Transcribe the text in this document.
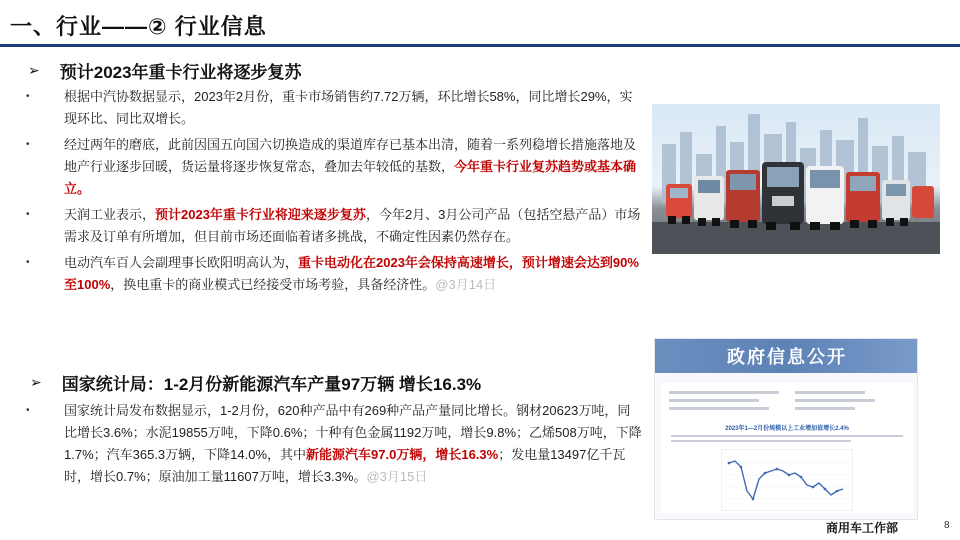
一、行业——② 行业信息
➢ 预计2023年重卡行业将逐步复苏
•	根据中汽协数据显示，2023年2月份，重卡市场销售约7.72万辆，环比增长58%，同比增长29%，实现环比、同比双增长。
•	经过两年的磨底，此前因国五向国六切换造成的渠道库存已基本出清，随着一系列稳增长措施落地及地产行业逐步回暖，货运量将逐步恢复常态，叠加去年较低的基数，今年重卡行业复苏趋势或基本确立。
•	天润工业表示，预计2023年重卡行业将迎来逐步复苏，今年2月、3月公司产品（包括空悬产品）市场需求及订单有所增加，但目前市场还面临着诸多挑战，不确定性因素仍然存在。
•	电动汽车百人会副理事长欧阳明高认为，重卡电动化在2023年会保持高速增长，预计增速会达到90%至100%，换电重卡的商业模式已经接受市场考验，具备经济性。@3月14日
➢ 国家统计局：1-2月份新能源汽车产量97万辆 增长16.3%
•	国家统计局发布数据显示，1-2月份，620种产品中有269种产品产量同比增长。钢材20623万吨，同比增长3.6%；水泥19855万吨，下降0.6%；十种有色金属1192万吨，增长9.8%；乙烯508万吨，下降1.7%；汽车365.3万辆，下降14.0%，其中新能源汽车97.0万辆，增长16.3%；发电量13497亿千瓦时，增长0.7%；原油加工量11607万吨，增长3.3%。@3月15日
政府信息公开
2023年1—2月份规模以上工业增加值增长2.4%
商用车工作部	8
